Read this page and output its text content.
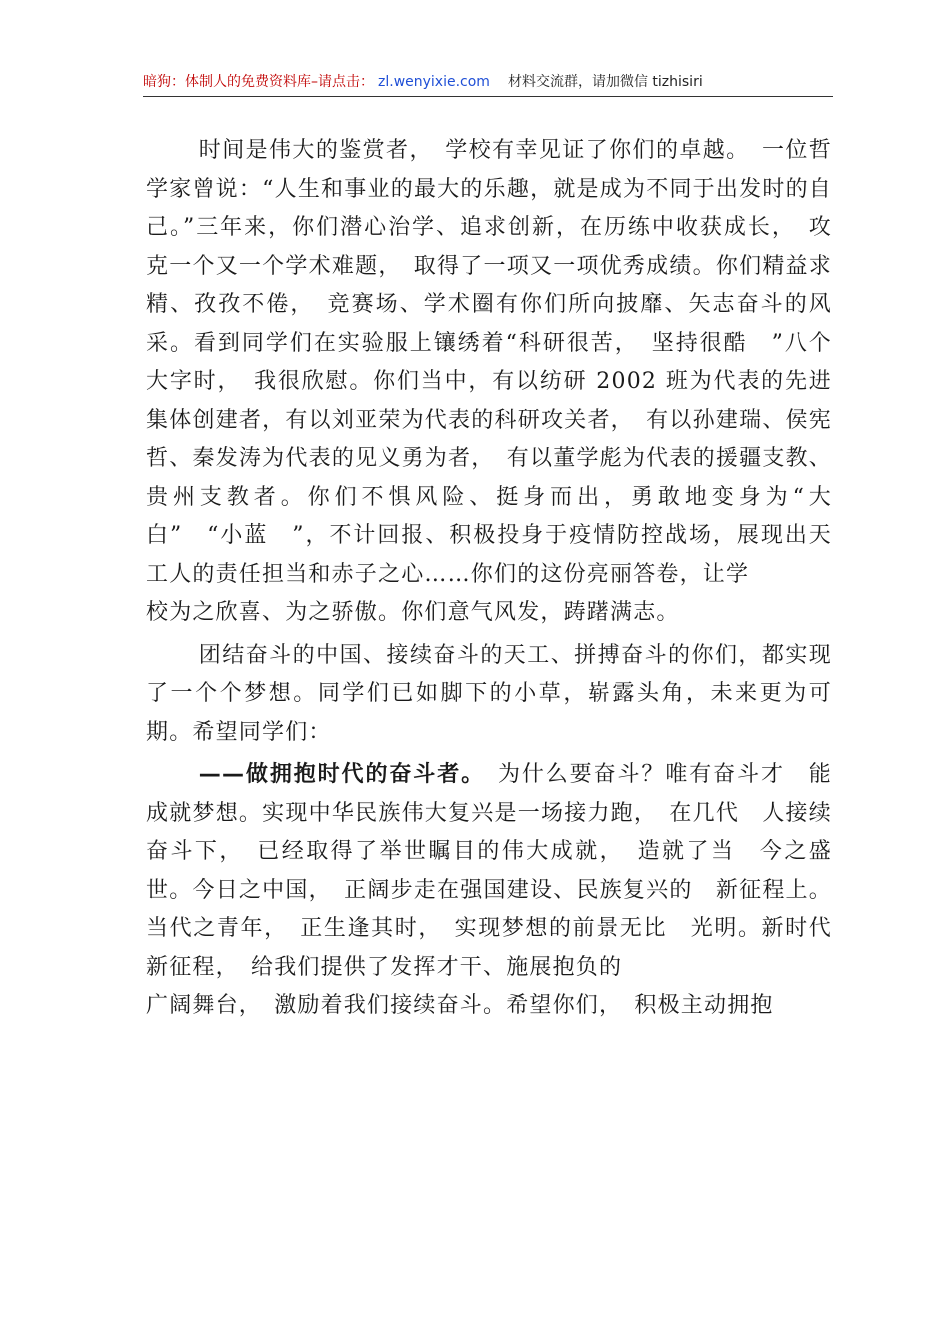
暗狗：体制人的免费资料库–请点击： zl.wenyixie.com 材料交流群，请加微信 tizhisiri

时间是伟大的鉴赏者，　学校有幸见证了你们的卓越。　一位哲学家曾说：“人生和事业的最大的乐趣，就是成为不同于出发时的自己。”三年来，你们潜心治学、追求创新，在历练中收获成长，　攻克一个又一个学术难题，　取得了一项又一项优秀成绩。你们精益求精、孜孜不倦，　竞赛场、学术圈有你们所向披靡、矢志奋斗的风采。看到同学们在实验服上镶绣着“科研很苦，　坚持很酷　”八个大字时，　我很欣慰。你们当中，有以纺研 2002 班为代表的先进集体创建者，有以刘亚荣为代表的科研攻关者，　有以孙建瑞、侯宪哲、秦发涛为代表的见义勇为者，　有以董学彪为代表的援疆支教、贵州支教者。你们不惧风险、挺身而出，勇敢地变身为“大白”　“小蓝　”，不计回报、积极投身于疫情防控战场，展现出天　　工人的责任担当和赤子之心……你们的这份亮丽答卷，让学

校为之欣喜、为之骄傲。你们意气风发，踌躇满志。

团结奋斗的中国、接续奋斗的天工、拼搏奋斗的你们，都实现了一个个梦想。同学们已如脚下的小草，崭露头角，未来更为可期。希望同学们：

——做拥抱时代的奋斗者。　 为什么要奋斗？唯有奋斗才　能成就梦想。实现中华民族伟大复兴是一场接力跑，　在几代　人接续奋斗下，　已经取得了举世瞩目的伟大成就，　造就了当　今之盛世。今日之中国，　正阔步走在强国建设、民族复兴的　新征程上。当代之青年，　正生逢其时，　实现梦想的前景无比　光明。新时代新征程，　给我们提供了发挥才干、施展抱负的

广阔舞台，　激励着我们接续奋斗。希望你们，　积极主动拥抱
